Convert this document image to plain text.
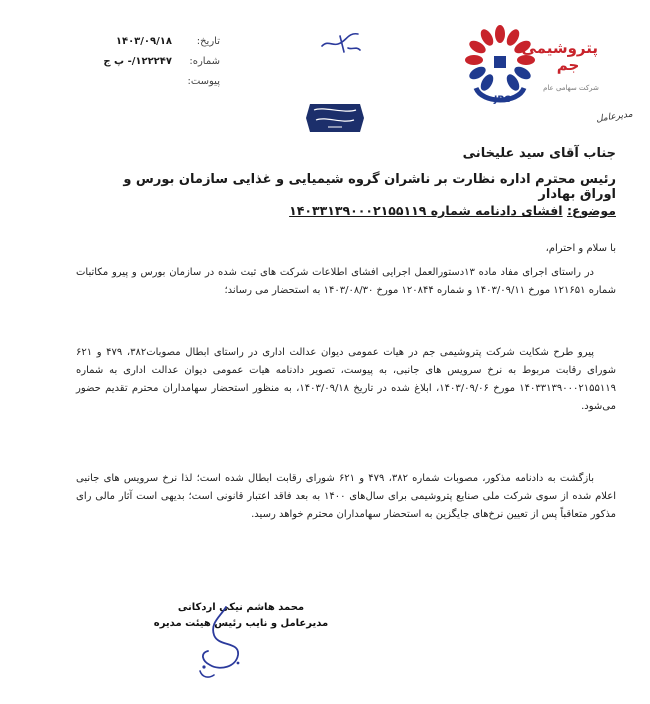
تاریخ:
۱۴۰۳/۰۹/۱۸
شماره:
۱۲۲۲۴۷/- پ ج
پیوست:
پتروشیمی جم
شرکت سهامی عام
JPC
مدیرعامل
جناب آقای سید علیخانی
رئیس محترم اداره نظارت بر ناشران گروه شیمیایی و غذایی سازمان بورس و اوراق بهادار
موضوع: افشای دادنامه شماره ۱۴۰۳۳۱۳۹۰۰۰۲۱۵۵۱۱۹
با سلام و احترام،
در راستای اجرای مفاد ماده ۱۳دستورالعمل اجرایی افشای اطلاعات شرکت های ثبت شده در سازمان بورس و پیرو مکاتبات شماره ۱۲۱۶۵۱ مورخ ۱۴۰۳/۰۹/۱۱ و شماره ۱۲۰۸۴۴ مورخ ۱۴۰۳/۰۸/۳۰ به استحضار می رساند؛
پیرو طرح شکایت شرکت پتروشیمی جم در هیات عمومی دیوان عدالت اداری در راستای ابطال مصوبات۳۸۲، ۴۷۹ و ۶۲۱ شورای رقابت مربوط به نرخ سرویس های جانبی، به پیوست، تصویر دادنامه هیات عمومی دیوان عدالت اداری به شماره ۱۴۰۳۳۱۳۹۰۰۰۲۱۵۵۱۱۹ مورخ ۱۴۰۳/۰۹/۰۶، ابلاغ شده در تاریخ ۱۴۰۳/۰۹/۱۸، به منظور استحضار سهامداران محترم تقدیم حضور می‌شود.
بازگشت به دادنامه مذکور، مصوبات شماره ۳۸۲، ۴۷۹ و ۶۲۱ شورای رقابت ابطال شده است؛ لذا نرخ سرویس های جانبی اعلام شده از سوی شرکت ملی صنایع پتروشیمی برای سال‌های ۱۴۰۰ به بعد فاقد اعتبار قانونی است؛ بدیهی است آثار مالی رای مذکور متعاقباً پس از تعیین نرخ‌های جایگزین به استحضار سهامداران محترم خواهد رسید.
محمد هاشم نیکی اردکانی
مدیرعامل و نایب رئیس هیئت مدیره
